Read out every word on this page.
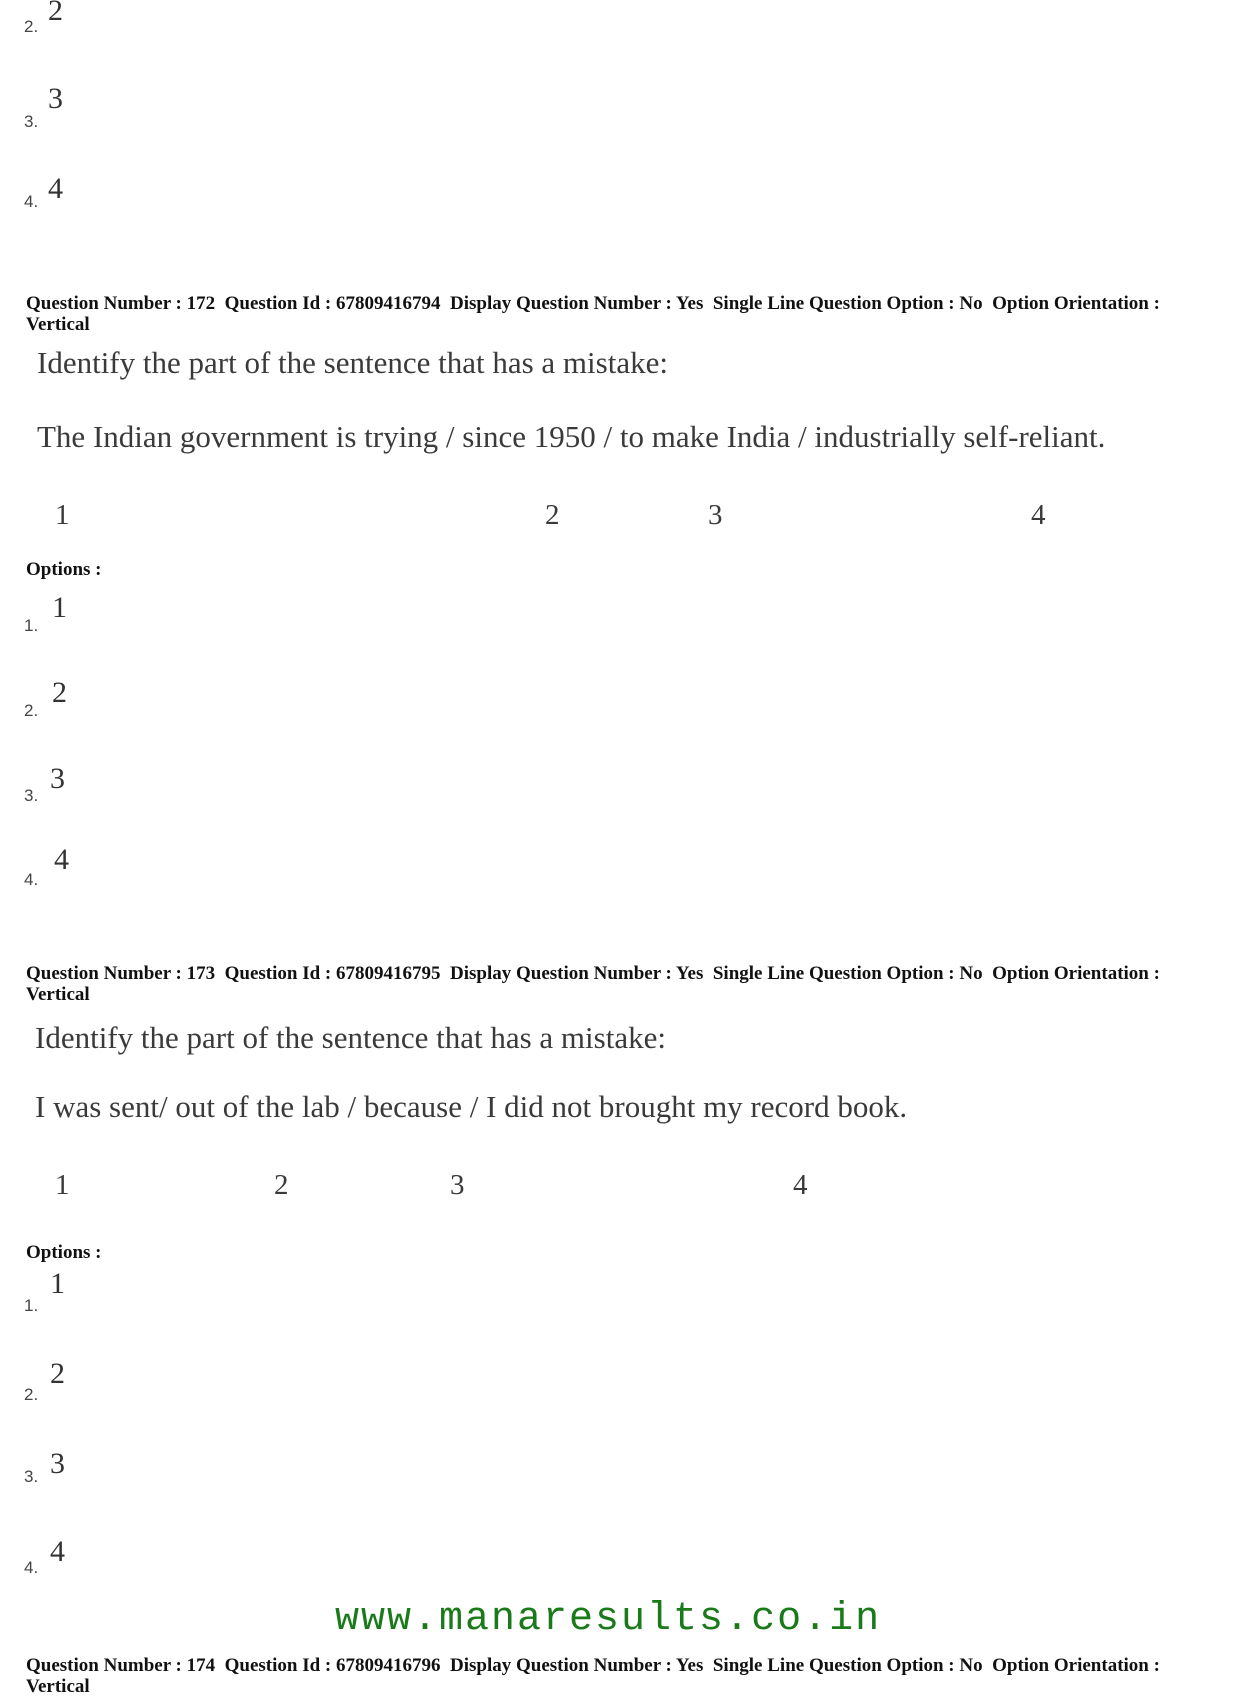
2. 2
3.
3
4. 4
Question Number : 172  Question Id : 67809416794  Display Question Number : Yes  Single Line Question Option : No  Option Orientation : Vertical
Identify the part of the sentence that has a mistake:
The Indian government is trying / since 1950 / to make India / industrially self-reliant.
1	2	3	4
Options :
1.
1
2.
2
3.
3
4.
4
Question Number : 173  Question Id : 67809416795  Display Question Number : Yes  Single Line Question Option : No  Option Orientation : Vertical
Identify the part of the sentence that has a mistake:
I was sent/ out of the lab / because / I did not brought my record book.
1	2	3	4
Options :
1.
1
2.
2
3. 3
4. 4
www.manaresults.co.in
Question Number : 174  Question Id : 67809416796  Display Question Number : Yes  Single Line Question Option : No  Option Orientation : Vertical
